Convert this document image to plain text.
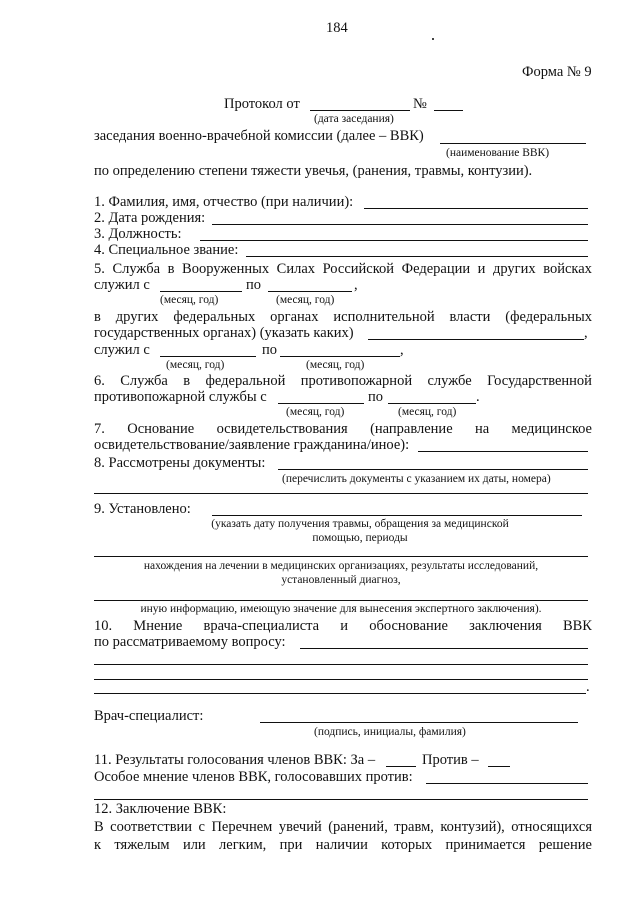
184
Форма № 9
Протокол от	№
(дата заседания)
заседания военно-врачебной комиссии (далее – ВВК)
(наименование ВВК)
по определению степени тяжести увечья, (ранения, травмы, контузии).
1. Фамилия, имя, отчество (при наличии):
2. Дата рождения:
3. Должность:
4. Специальное звание:
5. Служба в Вооруженных Силах Российской Федерации и других войсках
служил с	по	,
(месяц, год)	(месяц, год)
в других федеральных органах исполнительной власти (федеральных
государственных органах) (указать каких)	,
служил с	по	,
(месяц, год)	(месяц, год)
6. Служба в федеральной противопожарной службе Государственной
противопожарной службы с	по	.
(месяц, год)	(месяц, год)
7. Основание освидетельствования (направление на медицинское
освидетельствование/заявление гражданина/иное):
8. Рассмотрены документы:
(перечислить документы с указанием их даты, номера)
9. Установлено:
(указать дату получения травмы, обращения за медицинской
помощью, периоды
нахождения на лечении в медицинских организациях, результаты исследований,
установленный диагноз,
иную информацию, имеющую значение для вынесения экспертного заключения).
10. Мнение врача-специалиста и обоснование заключения ВВК
по рассматриваемому вопросу:
.
Врач-специалист:
(подпись, инициалы, фамилия)
11. Результаты голосования членов ВВК: За –	Против –
Особое мнение членов ВВК, голосовавших против:
12. Заключение ВВК:
В соответствии с Перечнем увечий (ранений, травм, контузий), относящихся
к тяжелым или легким, при наличии которых принимается решение
